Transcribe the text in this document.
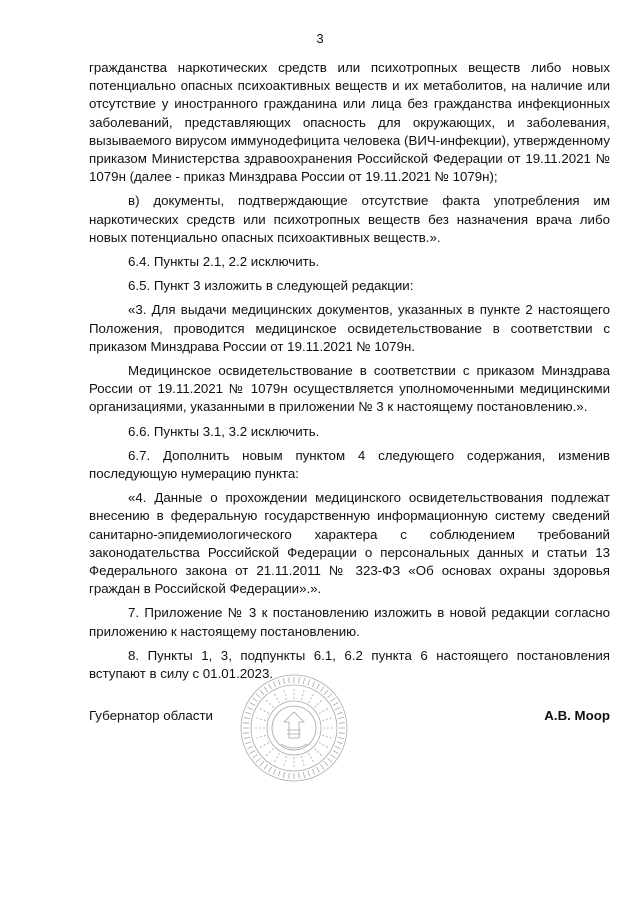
3

гражданства наркотических средств или психотропных веществ либо новых потенциально опасных психоактивных веществ и их метаболитов, на наличие или отсутствие у иностранного гражданина или лица без гражданства инфекционных заболеваний, представляющих опасность для окружающих, и заболевания, вызываемого вирусом иммунодефицита человека (ВИЧ-инфекции), утвержденному приказом Министерства здравоохранения Российской Федерации от 19.11.2021 № 1079н (далее - приказ Минздрава России от 19.11.2021 № 1079н);

в) документы, подтверждающие отсутствие факта употребления им наркотических средств или психотропных веществ без назначения врача либо новых потенциально опасных психоактивных веществ.».

6.4. Пункты 2.1, 2.2 исключить.

6.5. Пункт 3 изложить в следующей редакции:

«3. Для выдачи медицинских документов, указанных в пункте 2 настоящего Положения, проводится медицинское освидетельствование в соответствии с приказом Минздрава России от 19.11.2021 № 1079н.

Медицинское освидетельствование в соответствии с приказом Минздрава России от 19.11.2021 № 1079н осуществляется уполномоченными медицинскими организациями, указанными в приложении № 3 к настоящему постановлению.».

6.6. Пункты 3.1, 3.2 исключить.

6.7. Дополнить новым пунктом 4 следующего содержания, изменив последующую нумерацию пункта:

«4. Данные о прохождении медицинского освидетельствования подлежат внесению в федеральную государственную информационную систему сведений санитарно-эпидемиологического характера с соблюдением требований законодательства Российской Федерации о персональных данных и статьи 13 Федерального закона от 21.11.2011 № 323-ФЗ «Об основах охраны здоровья граждан в Российской Федерации».».

7. Приложение № 3 к постановлению изложить в новой редакции согласно приложению к настоящему постановлению.

8. Пункты 1, 3, подпункты 6.1, 6.2 пункта 6 настоящего постановления вступают в силу с 01.01.2023.

Губернатор области	А.В. Моор
